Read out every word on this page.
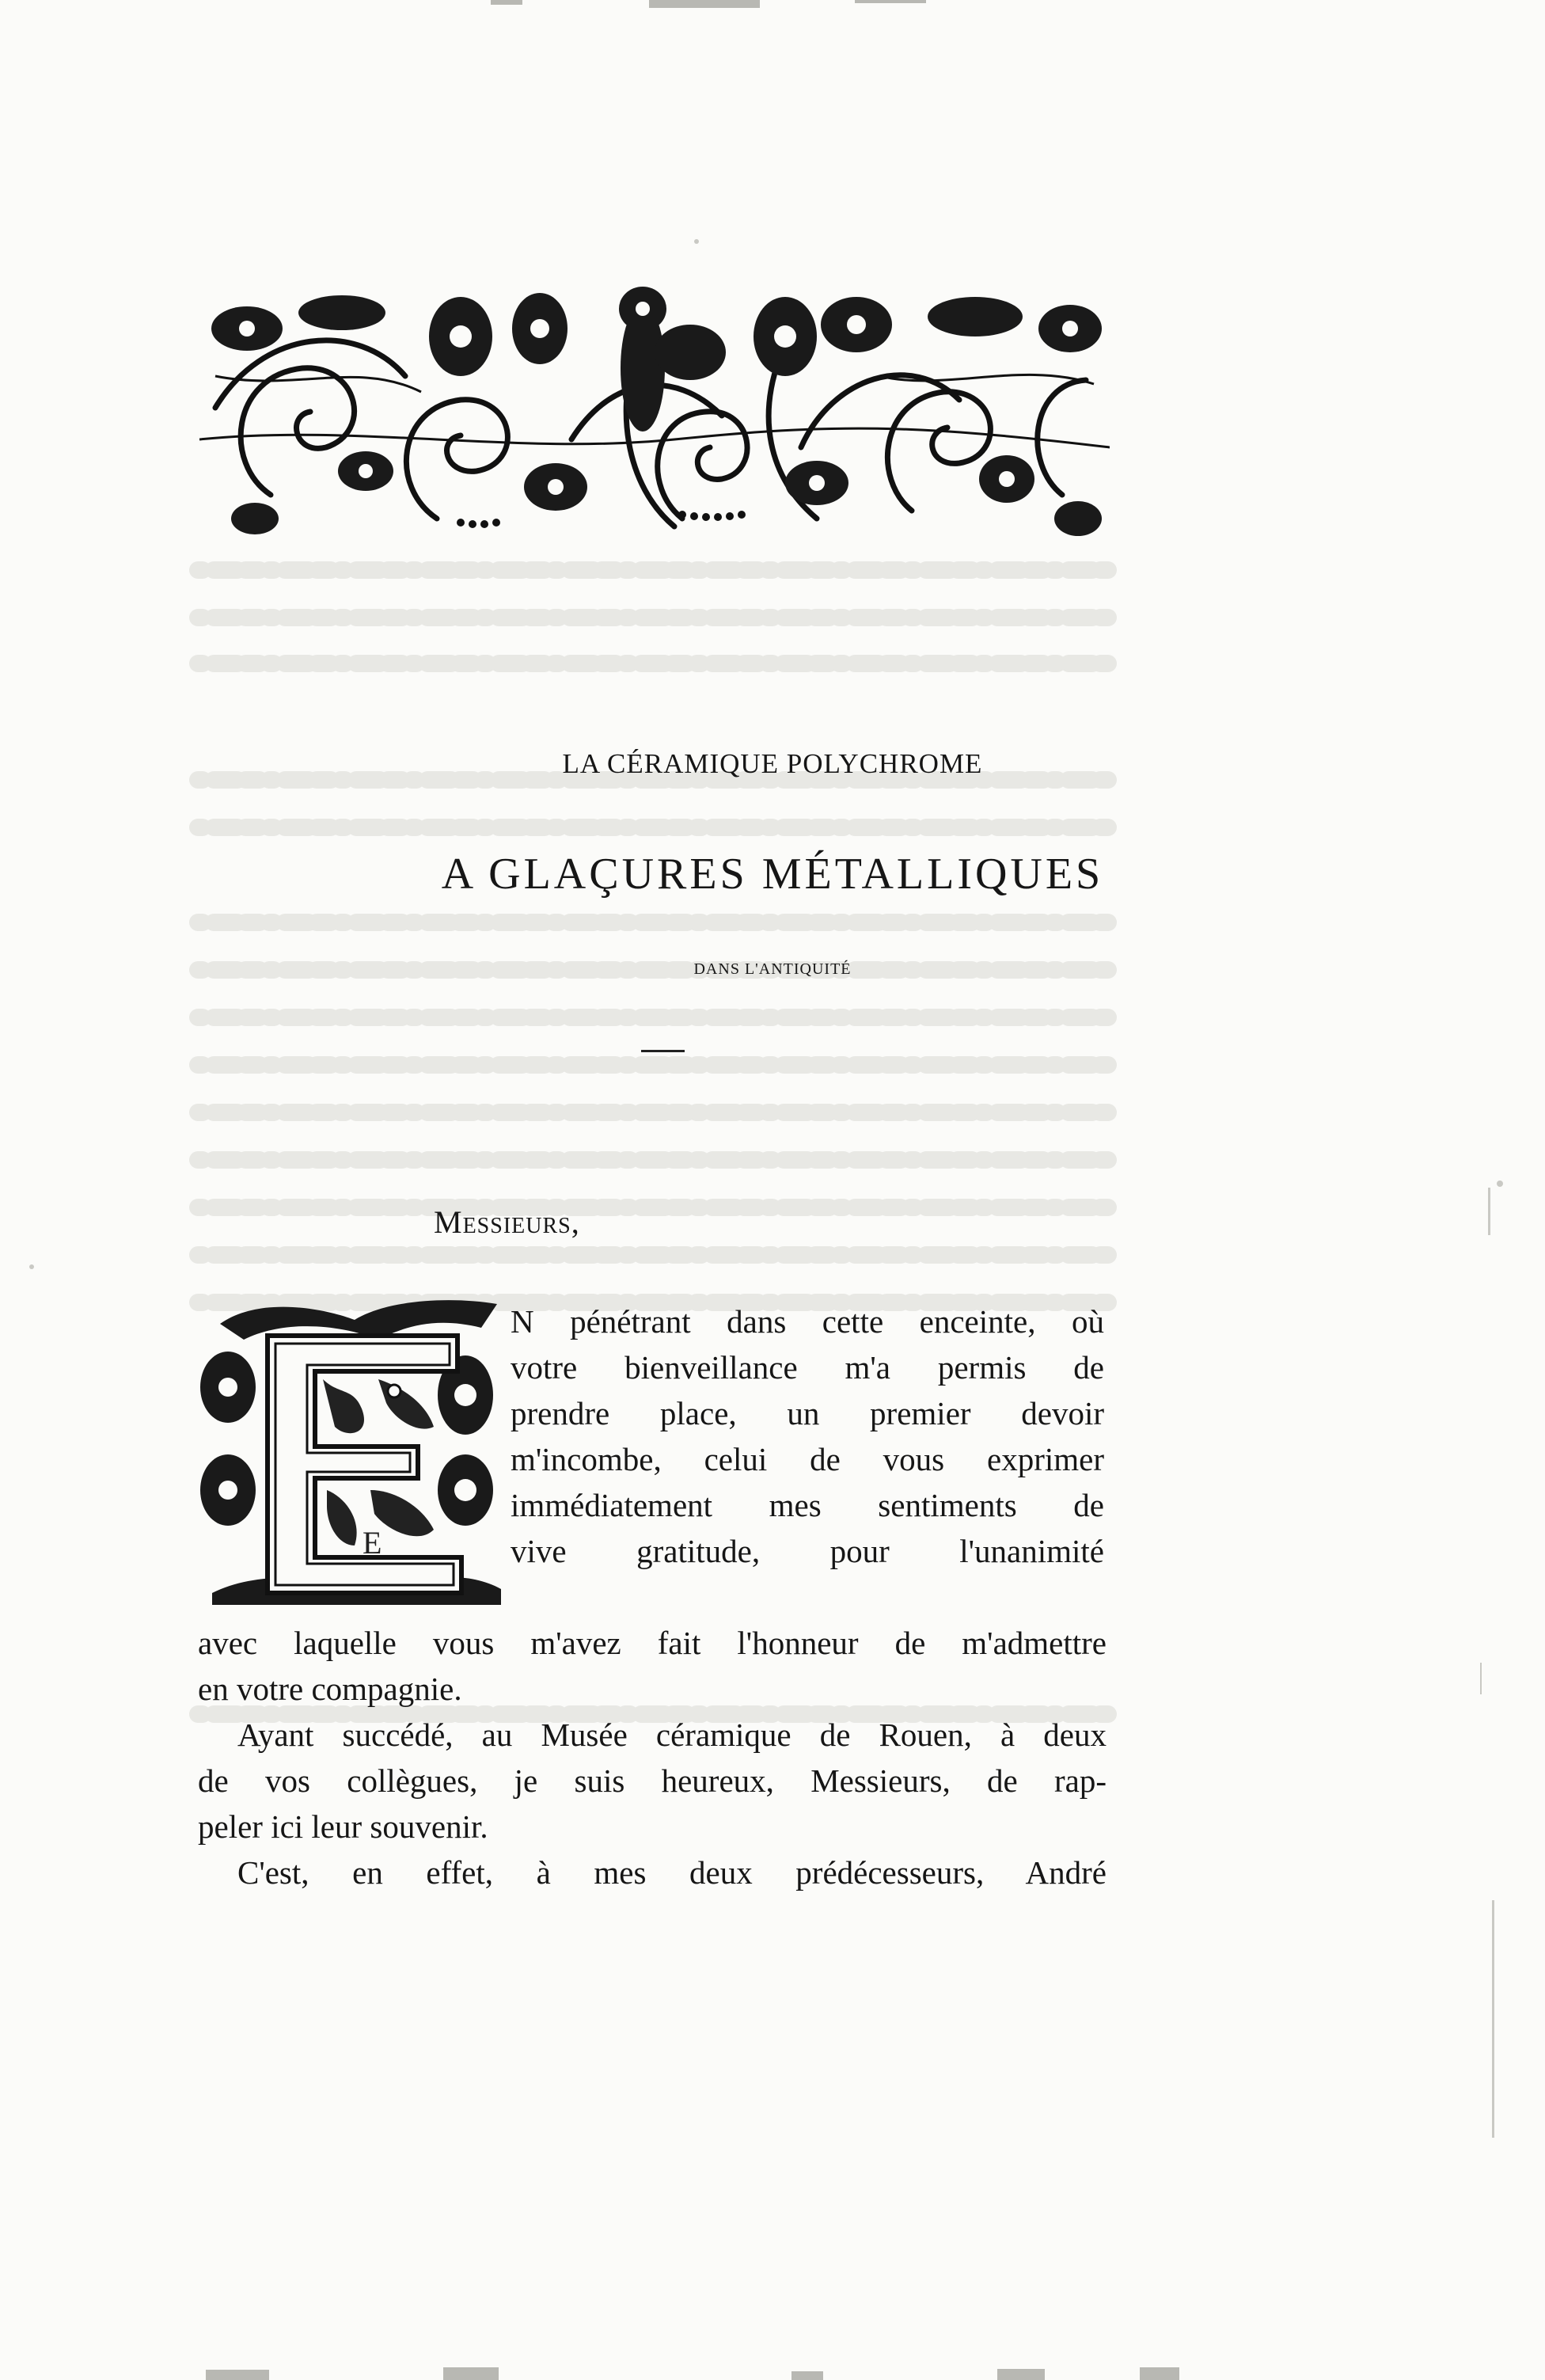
LA CÉRAMIQUE POLYCHROME
A GLAÇURES MÉTALLIQUES
DANS L'ANTIQUITÉ
Messieurs,
E
N pénétrant dans cette enceinte, où
votre bienveillance m'a permis de
prendre place, un premier devoir
m'incombe, celui de vous exprimer
immédiatement mes sentiments de
vive gratitude, pour l'unanimité
avec laquelle vous m'avez fait l'honneur de m'admettre
en votre compagnie.
Ayant succédé, au Musée céramique de Rouen, à deux
de vos collègues, je suis heureux, Messieurs, de rap-
peler ici leur souvenir.
C'est, en effet, à mes deux prédécesseurs, André
